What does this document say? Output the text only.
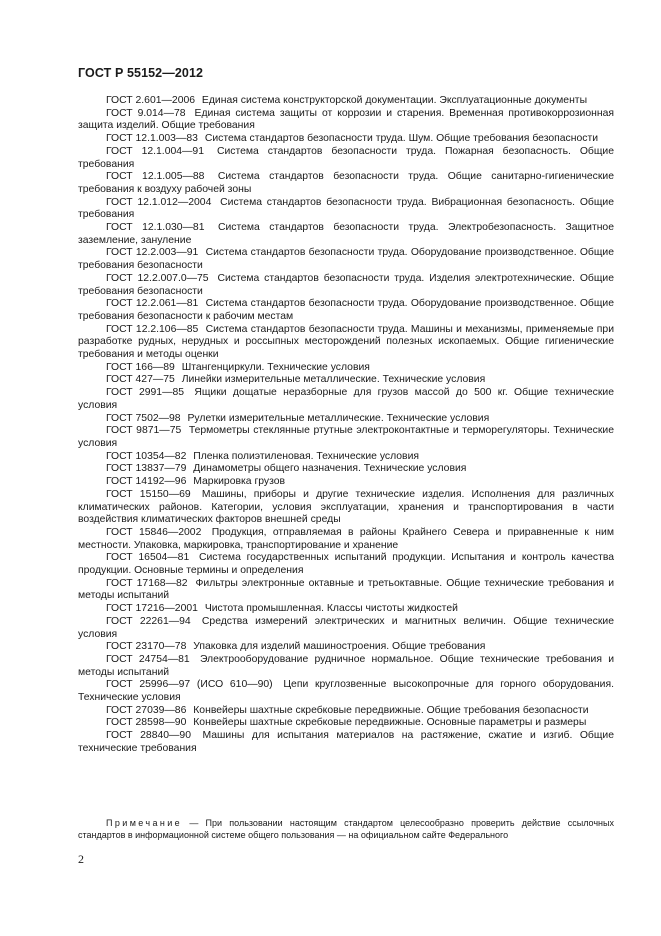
ГОСТ Р 55152—2012

ГОСТ 2.601—2006 Единая система конструкторской документации. Эксплуатационные документы

ГОСТ 9.014—78 Единая система защиты от коррозии и старения. Временная противокоррозионная защита изделий. Общие требования

ГОСТ 12.1.003—83 Система стандартов безопасности труда. Шум. Общие требования безопасности

ГОСТ 12.1.004—91 Система стандартов безопасности труда. Пожарная безопасность. Общие требования

ГОСТ 12.1.005—88 Система стандартов безопасности труда. Общие санитарно-гигиенические требования к воздуху рабочей зоны

ГОСТ 12.1.012—2004 Система стандартов безопасности труда. Вибрационная безопасность. Общие требования

ГОСТ 12.1.030—81 Система стандартов безопасности труда. Электробезопасность. Защитное заземление, зануление

ГОСТ 12.2.003—91 Система стандартов безопасности труда. Оборудование производственное. Общие требования безопасности

ГОСТ 12.2.007.0—75 Система стандартов безопасности труда. Изделия электротехнические. Общие требования безопасности

ГОСТ 12.2.061—81 Система стандартов безопасности труда. Оборудование производственное. Общие требования безопасности к рабочим местам

ГОСТ 12.2.106—85 Система стандартов безопасности труда. Машины и механизмы, применяемые при разработке рудных, нерудных и россыпных месторождений полезных ископаемых. Общие гигиенические требования и методы оценки

ГОСТ 166—89 Штангенциркули. Технические условия

ГОСТ 427—75 Линейки измерительные металлические. Технические условия

ГОСТ 2991—85 Ящики дощатые неразборные для грузов массой до 500 кг. Общие технические условия

ГОСТ 7502—98 Рулетки измерительные металлические. Технические условия

ГОСТ 9871—75 Термометры стеклянные ртутные электроконтактные и терморегуляторы. Технические условия

ГОСТ 10354—82 Пленка полиэтиленовая. Технические условия

ГОСТ 13837—79 Динамометры общего назначения. Технические условия

ГОСТ 14192—96 Маркировка грузов

ГОСТ 15150—69 Машины, приборы и другие технические изделия. Исполнения для различных климатических районов. Категории, условия эксплуатации, хранения и транспортирования в части воздействия климатических факторов внешней среды

ГОСТ 15846—2002 Продукция, отправляемая в районы Крайнего Севера и приравненные к ним местности. Упаковка, маркировка, транспортирование и хранение

ГОСТ 16504—81 Система государственных испытаний продукции. Испытания и контроль качества продукции. Основные термины и определения

ГОСТ 17168—82 Фильтры электронные октавные и третьоктавные. Общие технические требования и методы испытаний

ГОСТ 17216—2001 Чистота промышленная. Классы чистоты жидкостей

ГОСТ 22261—94 Средства измерений электрических и магнитных величин. Общие технические условия

ГОСТ 23170—78 Упаковка для изделий машиностроения. Общие требования

ГОСТ 24754—81 Электрооборудование рудничное нормальное. Общие технические требования и методы испытаний

ГОСТ 25996—97 (ИСО 610—90) Цепи круглозвенные высокопрочные для горного оборудования. Технические условия

ГОСТ 27039—86 Конвейеры шахтные скребковые передвижные. Общие требования безопасности

ГОСТ 28598—90 Конвейеры шахтные скребковые передвижные. Основные параметры и размеры

ГОСТ 28840—90 Машины для испытания материалов на растяжение, сжатие и изгиб. Общие технические требования

Примечание — При пользовании настоящим стандартом целесообразно проверить действие ссылочных стандартов в информационной системе общего пользования — на официальном сайте Федерального
2
